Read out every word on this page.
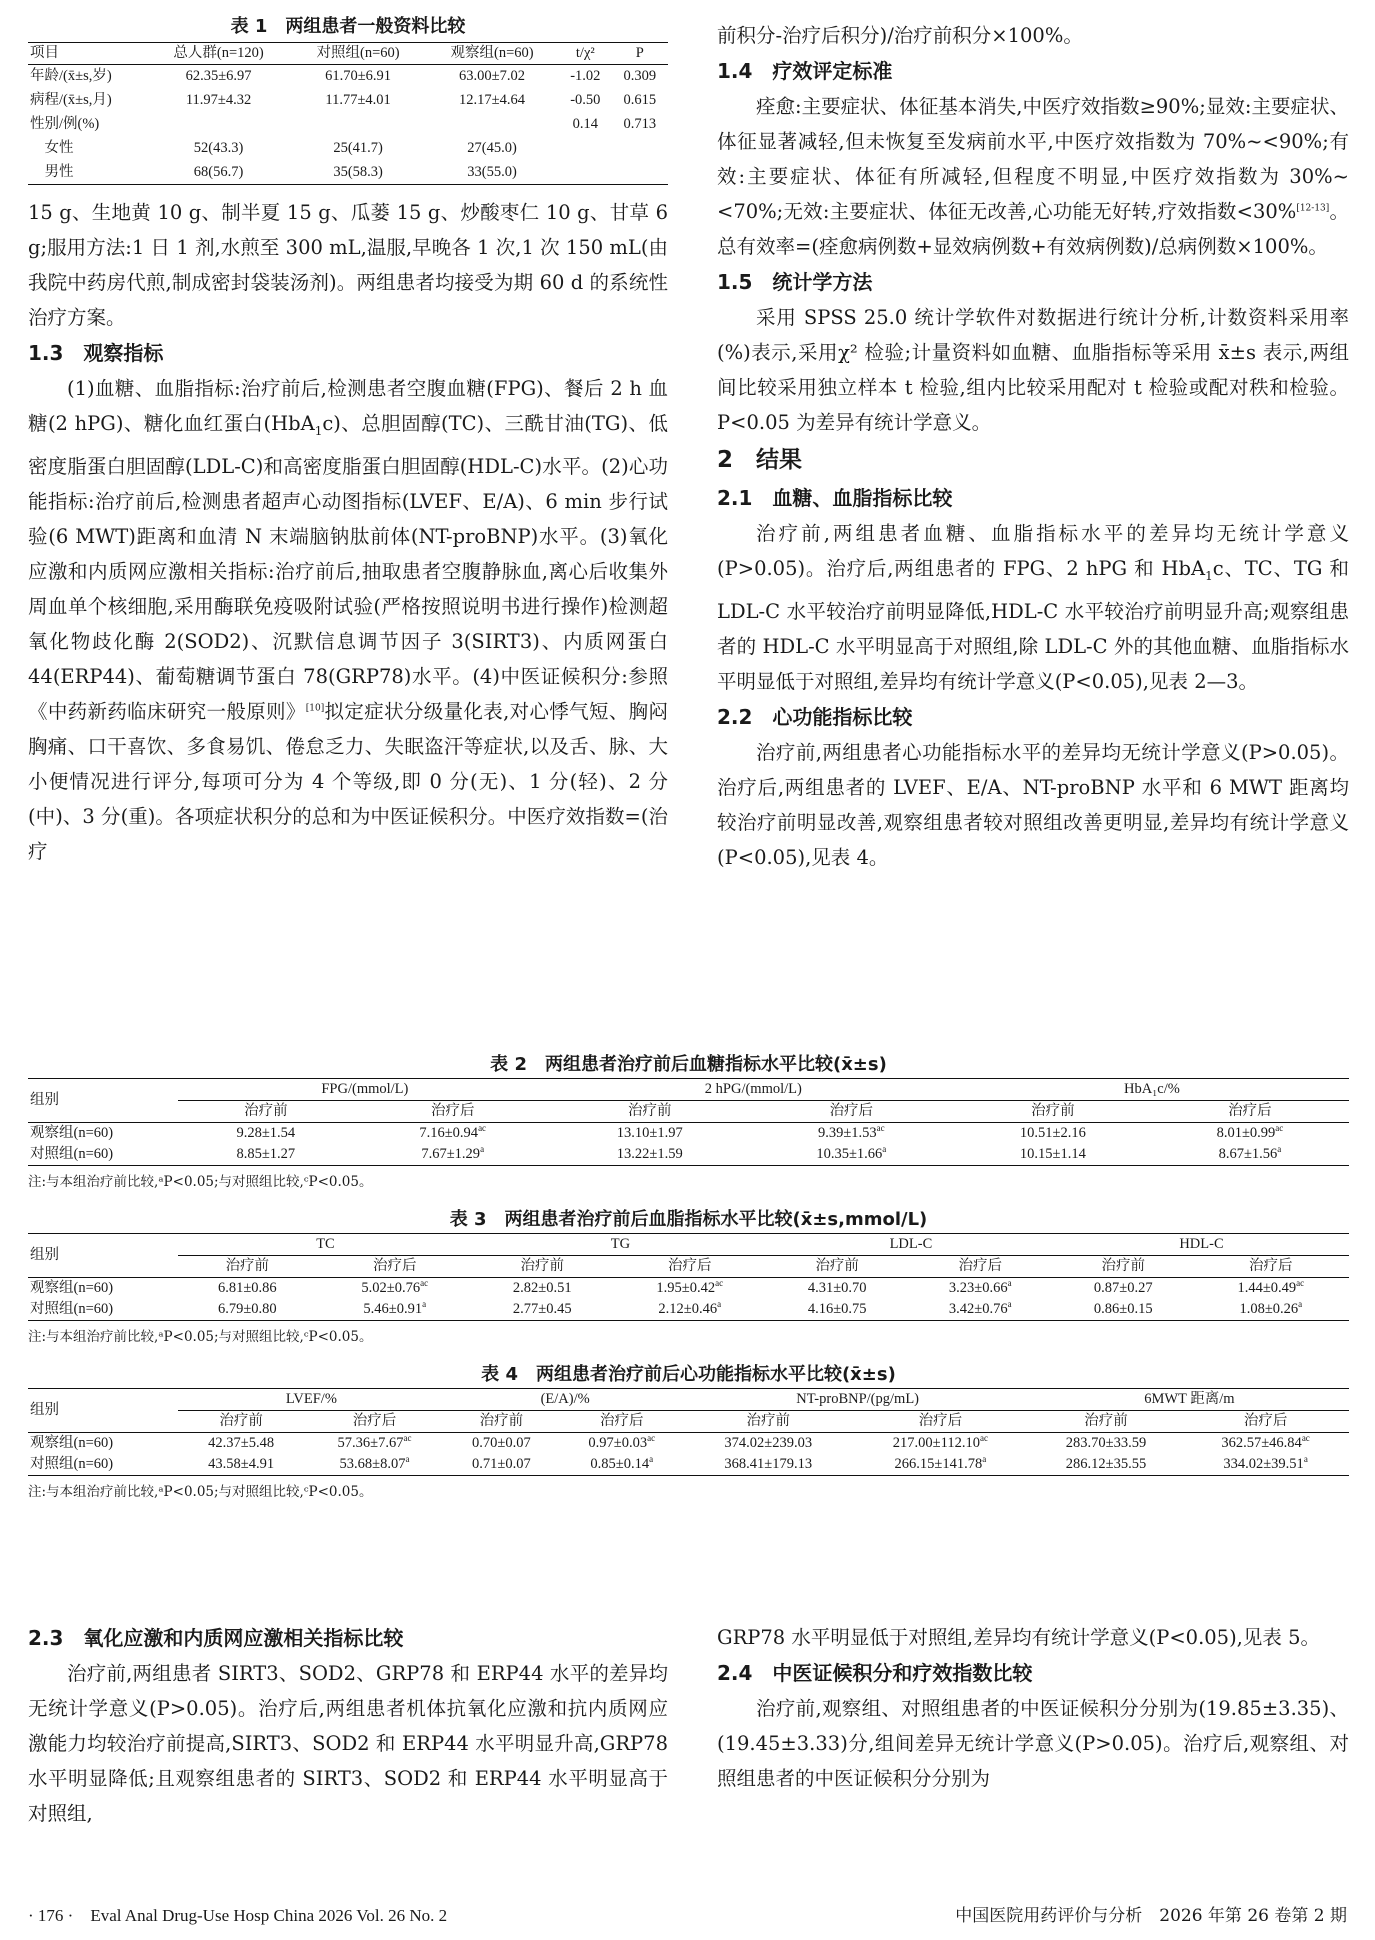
表 1　两组患者一般资料比较
项目	总人群(n=120)	对照组(n=60)	观察组(n=60)	t/χ²	P
年龄/(x̄±s,岁)	62.35±6.97	61.70±6.91	63.00±7.02	-1.02	0.309
病程/(x̄±s,月)	11.97±4.32	11.77±4.01	12.17±4.64	-0.50	0.615
性别/例(%)				0.14	0.713
　女性	52(43.3)	25(41.7)	27(45.0)		
　男性	68(56.7)	35(58.3)	33(55.0)		

15 g、生地黄 10 g、制半夏 15 g、瓜蒌 15 g、炒酸枣仁 10 g、甘草 6 g;服用方法:1 日 1 剂,水煎至 300 mL,温服,早晚各 1 次,1 次 150 mL(由我院中药房代煎,制成密封袋装汤剂)。两组患者均接受为期 60 d 的系统性治疗方案。

1.3　观察指标

(1)血糖、血脂指标:治疗前后,检测患者空腹血糖(FPG)、餐后 2 h 血糖(2 hPG)、糖化血红蛋白(HbA$_1$c)、总胆固醇(TC)、三酰甘油(TG)、低密度脂蛋白胆固醇(LDL-C)和高密度脂蛋白胆固醇(HDL-C)水平。(2)心功能指标:治疗前后,检测患者超声心动图指标(LVEF、E/A)、6 min 步行试验(6 MWT)距离和血清 N 末端脑钠肽前体(NT-proBNP)水平。(3)氧化应激和内质网应激相关指标:治疗前后,抽取患者空腹静脉血,离心后收集外周血单个核细胞,采用酶联免疫吸附试验(严格按照说明书进行操作)检测超氧化物歧化酶 2(SOD2)、沉默信息调节因子 3(SIRT3)、内质网蛋白 44(ERP44)、葡萄糖调节蛋白 78(GRP78)水平。(4)中医证候积分:参照《中药新药临床研究一般原则》[10]拟定症状分级量化表,对心悸气短、胸闷胸痛、口干喜饮、多食易饥、倦怠乏力、失眠盗汗等症状,以及舌、脉、大小便情况进行评分,每项可分为 4 个等级,即 0 分(无)、1 分(轻)、2 分(中)、3 分(重)。各项症状积分的总和为中医证候积分。中医疗效指数=(治疗

前积分-治疗后积分)/治疗前积分×100%。

1.4　疗效评定标准

痊愈:主要症状、体征基本消失,中医疗效指数≥90%;显效:主要症状、体征显著减轻,但未恢复至发病前水平,中医疗效指数为 70%~<90%;有效:主要症状、体征有所减轻,但程度不明显,中医疗效指数为 30%~<70%;无效:主要症状、体征无改善,心功能无好转,疗效指数<30%[12-13]。总有效率=(痊愈病例数+显效病例数+有效病例数)/总病例数×100%。

1.5　统计学方法

采用 SPSS 25.0 统计学软件对数据进行统计分析,计数资料采用率(%)表示,采用χ² 检验;计量资料如血糖、血脂指标等采用 x̄±s 表示,两组间比较采用独立样本 t 检验,组内比较采用配对 t 检验或配对秩和检验。P<0.05 为差异有统计学意义。

2　结果
2.1　血糖、血脂指标比较

治疗前,两组患者血糖、血脂指标水平的差异均无统计学意义(P>0.05)。治疗后,两组患者的 FPG、2 hPG 和 HbA$_1$c、TC、TG 和 LDL-C 水平较治疗前明显降低,HDL-C 水平较治疗前明显升高;观察组患者的 HDL-C 水平明显高于对照组,除 LDL-C 外的其他血糖、血脂指标水平明显低于对照组,差异均有统计学意义(P<0.05),见表 2—3。

2.2　心功能指标比较

治疗前,两组患者心功能指标水平的差异均无统计学意义(P>0.05)。治疗后,两组患者的 LVEF、E/A、NT-proBNP 水平和 6 MWT 距离均较治疗前明显改善,观察组患者较对照组改善更明显,差异均有统计学意义(P<0.05),见表 4。

表 2　两组患者治疗前后血糖指标水平比较(x̄±s)
组别	FPG/(mmol/L)		2 hPG/(mmol/L)		HbA₁c/%	
	治疗前	治疗后	治疗前	治疗后	治疗前	治疗后
观察组(n=60)	9.28±1.54	7.16±0.94$^{ac}$	13.10±1.97	9.39±1.53$^{ac}$	10.51±2.16	8.01±0.99$^{ac}$
对照组(n=60)	8.85±1.27	7.67±1.29$^a$	13.22±1.59	10.35±1.66$^a$	10.15±1.14	8.67±1.56$^a$
注:与本组治疗前比较,ᵃP<0.05;与对照组比较,ᶜP<0.05。
表 3　两组患者治疗前后血脂指标水平比较(x̄±s,mmol/L)
组别	TC		TG		LDL-C		HDL-C	
	治疗前	治疗后	治疗前	治疗后	治疗前	治疗后	治疗前	治疗后
观察组(n=60)	6.81±0.86	5.02±0.76$^{ac}$	2.82±0.51	1.95±0.42$^{ac}$	4.31±0.70	3.23±0.66$^a$	0.87±0.27	1.44±0.49$^{ac}$
对照组(n=60)	6.79±0.80	5.46±0.91$^a$	2.77±0.45	2.12±0.46$^a$	4.16±0.75	3.42±0.76$^a$	0.86±0.15	1.08±0.26$^a$
注:与本组治疗前比较,ᵃP<0.05;与对照组比较,ᶜP<0.05。
表 4　两组患者治疗前后心功能指标水平比较(x̄±s)
组别	LVEF/%		(E/A)/%		NT-proBNP/(pg/mL)		6MWT 距离/m	
	治疗前	治疗后	治疗前	治疗后	治疗前	治疗后	治疗前	治疗后
观察组(n=60)	42.37±5.48	57.36±7.67$^{ac}$	0.70±0.07	0.97±0.03$^{ac}$	374.02±239.03	217.00±112.10$^{ac}$	283.70±33.59	362.57±46.84$^{ac}$
对照组(n=60)	43.58±4.91	53.68±8.07$^a$	0.71±0.07	0.85±0.14$^a$	368.41±179.13	266.15±141.78$^a$	286.12±35.55	334.02±39.51$^a$
注:与本组治疗前比较,ᵃP<0.05;与对照组比较,ᶜP<0.05。
2.3　氧化应激和内质网应激相关指标比较

治疗前,两组患者 SIRT3、SOD2、GRP78 和 ERP44 水平的差异均无统计学意义(P>0.05)。治疗后,两组患者机体抗氧化应激和抗内质网应激能力均较治疗前提高,SIRT3、SOD2 和 ERP44 水平明显升高,GRP78 水平明显降低;且观察组患者的 SIRT3、SOD2 和 ERP44 水平明显高于对照组,

GRP78 水平明显低于对照组,差异均有统计学意义(P<0.05),见表 5。

2.4　中医证候积分和疗效指数比较

治疗前,观察组、对照组患者的中医证候积分分别为(19.85±3.35)、(19.45±3.33)分,组间差异无统计学意义(P>0.05)。治疗后,观察组、对照组患者的中医证候积分分别为

· 176 ·　Eval Anal Drug-Use Hosp China 2026 Vol. 26 No. 2	中国医院用药评价与分析　2026 年第 26 卷第 2 期
